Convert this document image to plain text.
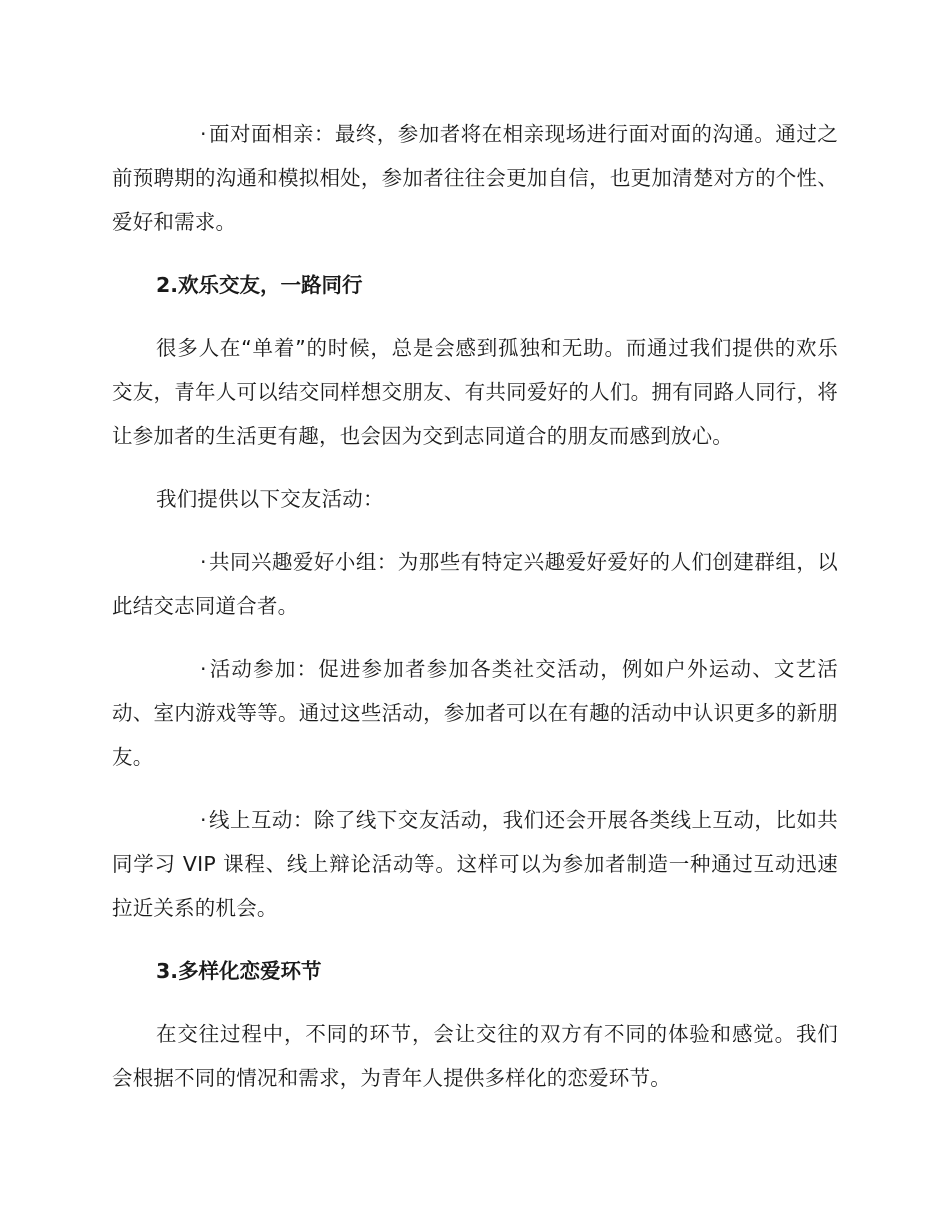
·面对面相亲：最终，参加者将在相亲现场进行面对面的沟通。通过之前预聘期的沟通和模拟相处，参加者往往会更加自信，也更加清楚对方的个性、爱好和需求。

2.欢乐交友，一路同行

很多人在“单着”的时候，总是会感到孤独和无助。而通过我们提供的欢乐交友，青年人可以结交同样想交朋友、有共同爱好的人们。拥有同路人同行，将让参加者的生活更有趣，也会因为交到志同道合的朋友而感到放心。

我们提供以下交友活动：

·共同兴趣爱好小组：为那些有特定兴趣爱好爱好的人们创建群组，以此结交志同道合者。

·活动参加：促进参加者参加各类社交活动，例如户外运动、文艺活动、室内游戏等等。通过这些活动，参加者可以在有趣的活动中认识更多的新朋友。

·线上互动：除了线下交友活动，我们还会开展各类线上互动，比如共同学习 VIP 课程、线上辩论活动等。这样可以为参加者制造一种通过互动迅速拉近关系的机会。

3.多样化恋爱环节

在交往过程中，不同的环节，会让交往的双方有不同的体验和感觉。我们会根据不同的情况和需求，为青年人提供多样化的恋爱环节。
